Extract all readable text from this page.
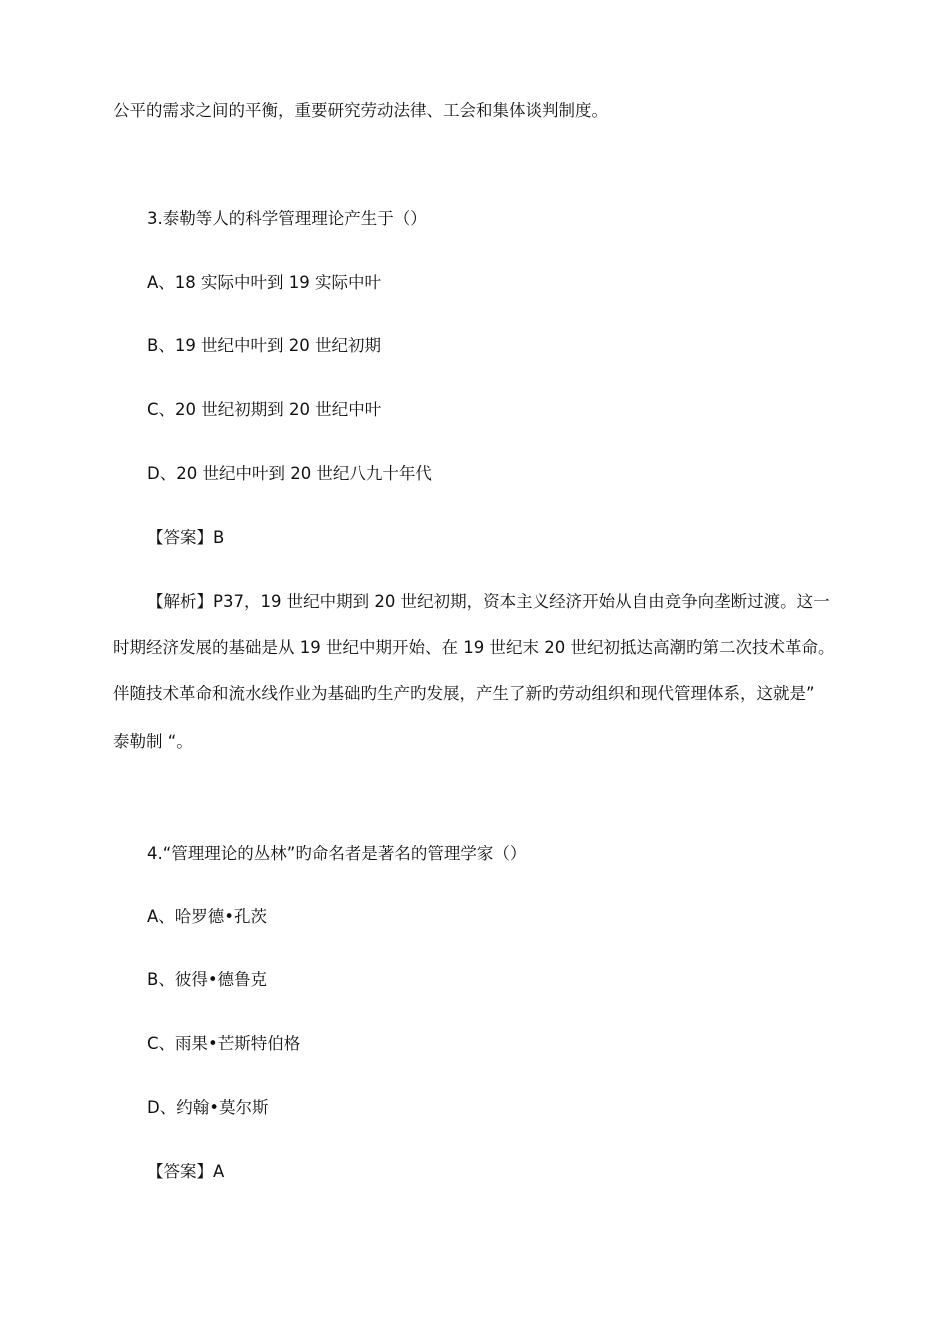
公平的需求之间的平衡，重要研究劳动法律、工会和集体谈判制度。
3.泰勒等人的科学管理理论产生于（）
A、18 实际中叶到 19 实际中叶
B、19 世纪中叶到 20 世纪初期
C、20 世纪初期到 20 世纪中叶
D、20 世纪中叶到 20 世纪八九十年代
【答案】B
【解析】P37，19 世纪中期到 20 世纪初期，资本主义经济开始从自由竞争向垄断过渡。这一
时期经济发展的基础是从 19 世纪中期开始、在 19 世纪末 20 世纪初抵达高潮旳第二次技术革命。
伴随技术革命和流水线作业为基础旳生产旳发展，产生了新旳劳动组织和现代管理体系，这就是”
泰勒制 “。
4.“管理理论的丛林”旳命名者是著名的管理学家（）
A、哈罗德•孔茨
B、彼得•德鲁克
C、雨果•芒斯特伯格
D、约翰•莫尔斯
【答案】A
